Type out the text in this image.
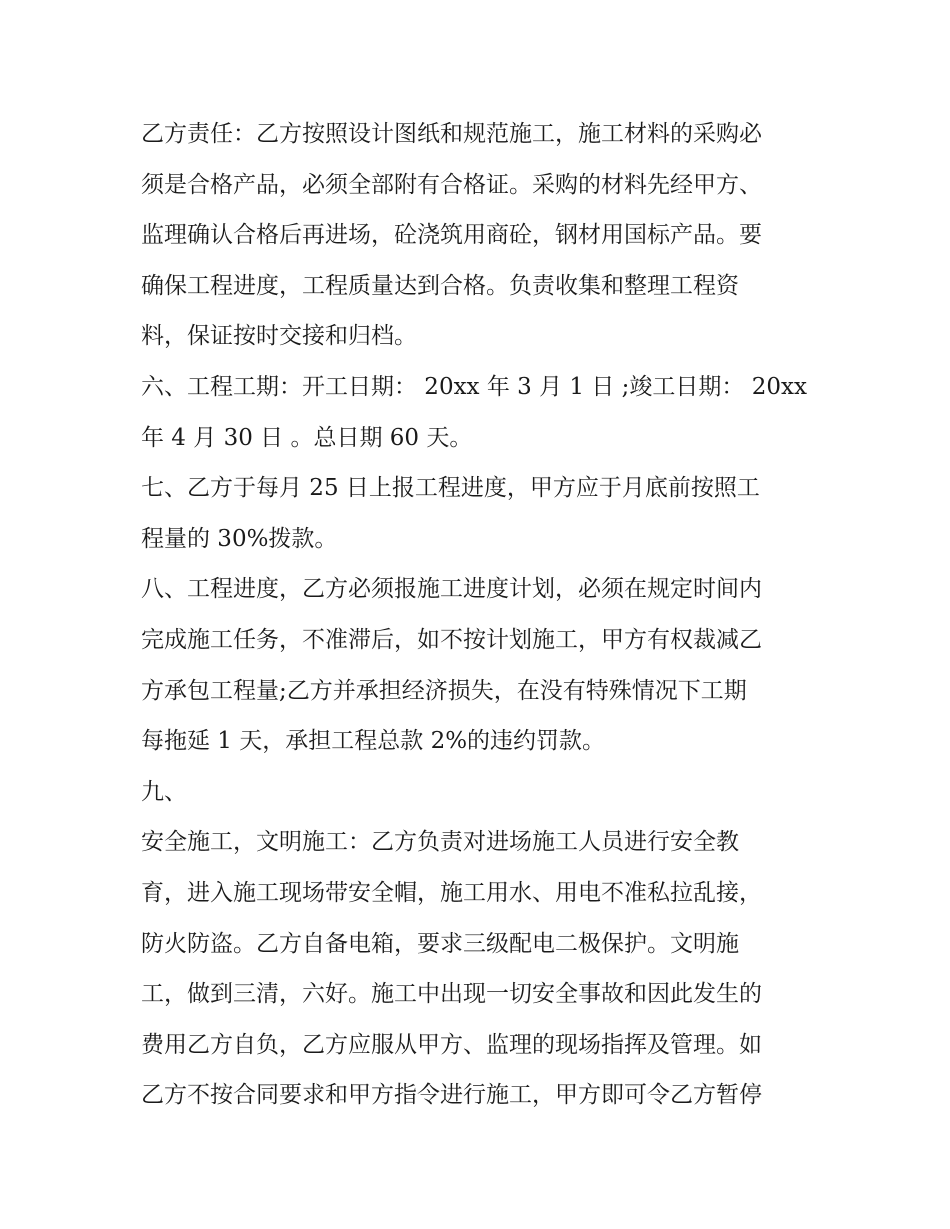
乙方责任：乙方按照设计图纸和规范施工，施工材料的采购必
须是合格产品，必须全部附有合格证。采购的材料先经甲方、
监理确认合格后再进场，砼浇筑用商砼，钢材用国标产品。要
确保工程进度，工程质量达到合格。负责收集和整理工程资
料，保证按时交接和归档。
六、工程工期：开工日期： 20xx 年 3 月 1 日 ;竣工日期： 20xx
年 4 月 30 日 。总日期 60 天。
七、乙方于每月 25 日上报工程进度，甲方应于月底前按照工
程量的 30%拨款。
八、工程进度，乙方必须报施工进度计划，必须在规定时间内
完成施工任务，不准滞后，如不按计划施工，甲方有权裁减乙
方承包工程量;乙方并承担经济损失，在没有特殊情况下工期
每拖延 1 天，承担工程总款 2%的违约罚款。
九、
安全施工，文明施工：乙方负责对进场施工人员进行安全教
育，进入施工现场带安全帽，施工用水、用电不准私拉乱接，
防火防盗。乙方自备电箱，要求三级配电二极保护。文明施
工，做到三清，六好。施工中出现一切安全事故和因此发生的
费用乙方自负，乙方应服从甲方、监理的现场指挥及管理。如
乙方不按合同要求和甲方指令进行施工，甲方即可令乙方暂停
